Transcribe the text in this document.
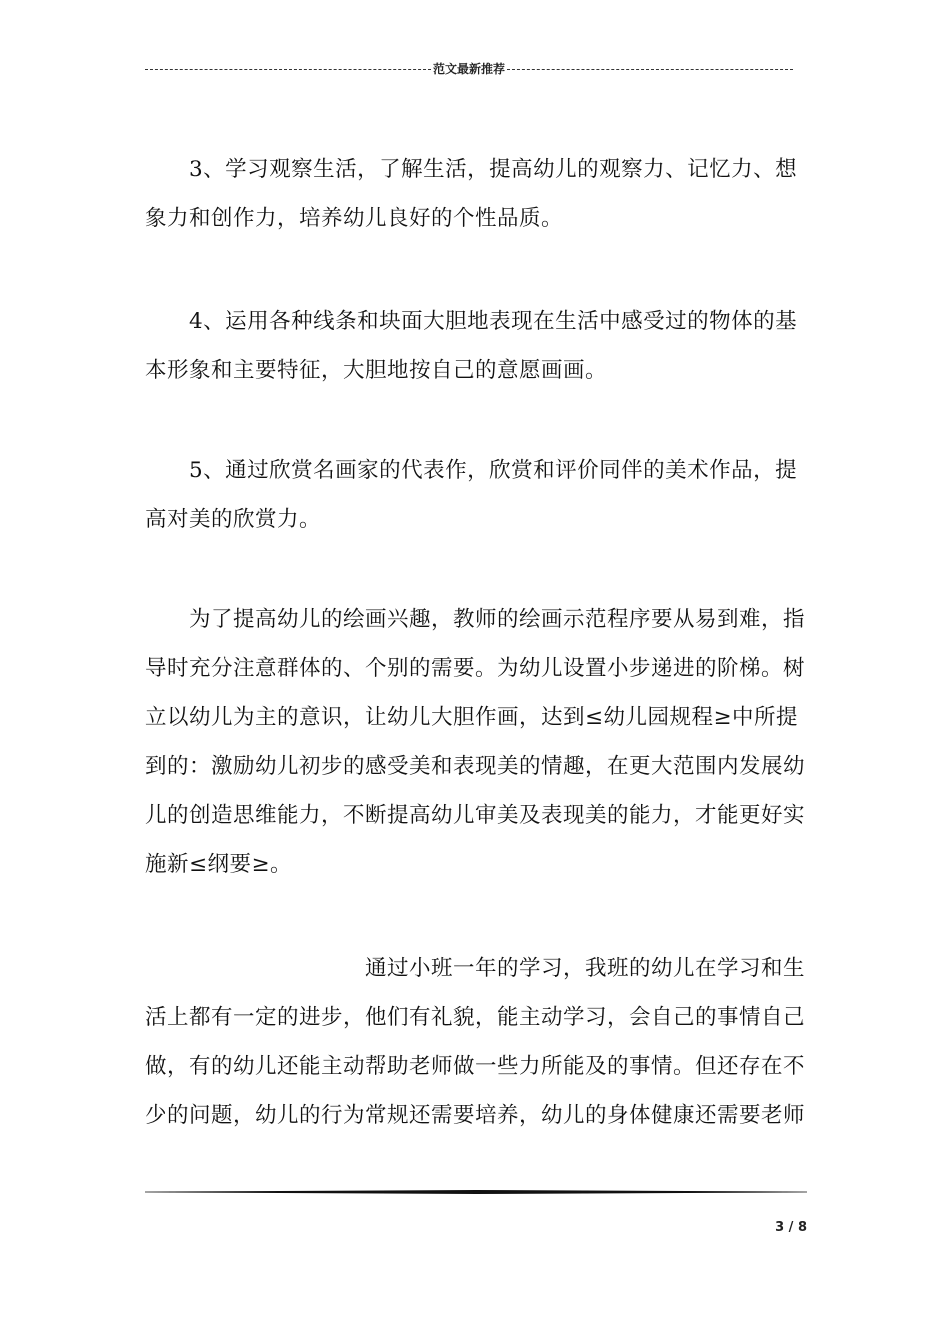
范文最新推荐

　　3、学习观察生活，了解生活，提高幼儿的观察力、记忆力、想
象力和创作力，培养幼儿良好的个性品质。

　　4、运用各种线条和块面大胆地表现在生活中感受过的物体的基
本形象和主要特征，大胆地按自己的意愿画画。

　　5、通过欣赏名画家的代表作，欣赏和评价同伴的美术作品，提
高对美的欣赏力。

　　为了提高幼儿的绘画兴趣，教师的绘画示范程序要从易到难，指
导时充分注意群体的、个别的需要。为幼儿设置小步递进的阶梯。树
立以幼儿为主的意识，让幼儿大胆作画，达到≤幼儿园规程≥中所提
到的：激励幼儿初步的感受美和表现美的情趣，在更大范围内发展幼
儿的创造思维能力，不断提高幼儿审美及表现美的能力，才能更好实
施新≤纲要≥。

　　　　　　　　　　通过小班一年的学习，我班的幼儿在学习和生
活上都有一定的进步，他们有礼貌，能主动学习，会自己的事情自己
做，有的幼儿还能主动帮助老师做一些力所能及的事情。但还存在不
少的问题，幼儿的行为常规还需要培养，幼儿的身体健康还需要老师

3 / 8
